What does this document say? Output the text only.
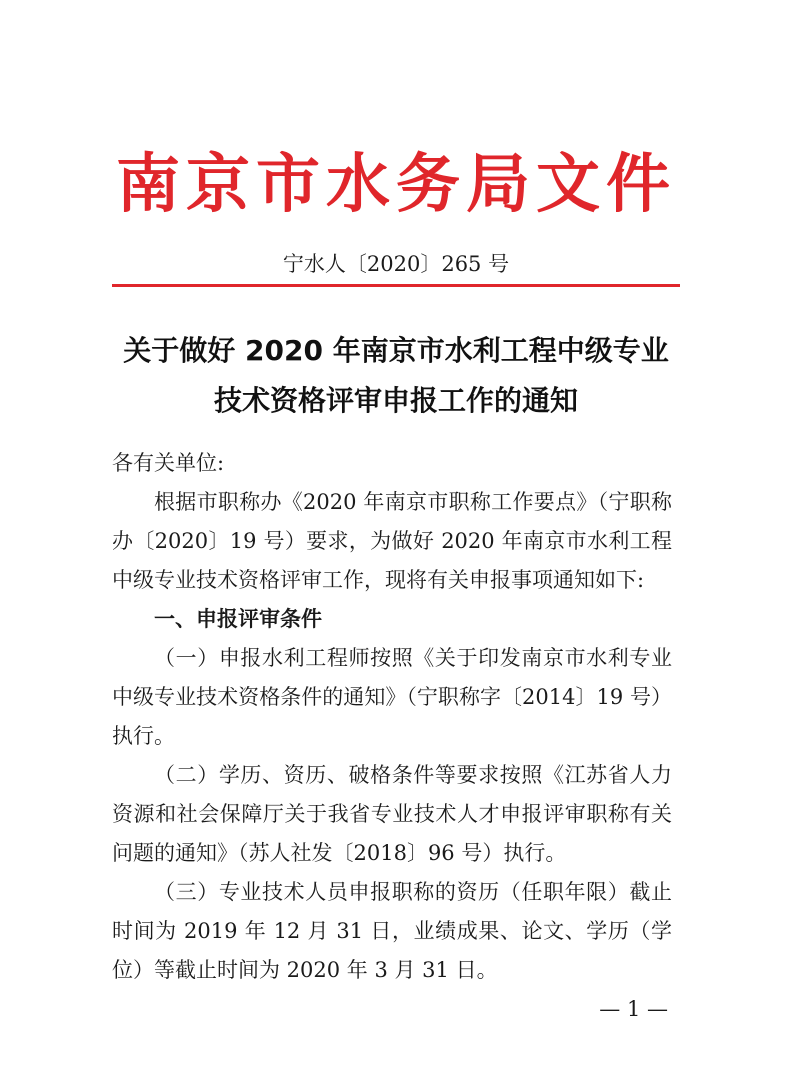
南京市水务局文件
宁水人〔2020〕265 号
关于做好 2020 年南京市水利工程中级专业
技术资格评审申报工作的通知

各有关单位:

根据市职称办《2020 年南京市职称工作要点》（宁职称办〔2020〕19 号）要求，为做好 2020 年南京市水利工程中级专业技术资格评审工作，现将有关申报事项通知如下:

一、申报评审条件

（一）申报水利工程师按照《关于印发南京市水利专业中级专业技术资格条件的通知》（宁职称字〔2014〕19 号）执行。

（二）学历、资历、破格条件等要求按照《江苏省人力资源和社会保障厅关于我省专业技术人才申报评审职称有关问题的通知》（苏人社发〔2018〕96 号）执行。

（三）专业技术人员申报职称的资历（任职年限）截止时间为 2019 年 12 月 31 日，业绩成果、论文、学历（学位）等截止时间为 2020 年 3 月 31 日。

— 1 —
